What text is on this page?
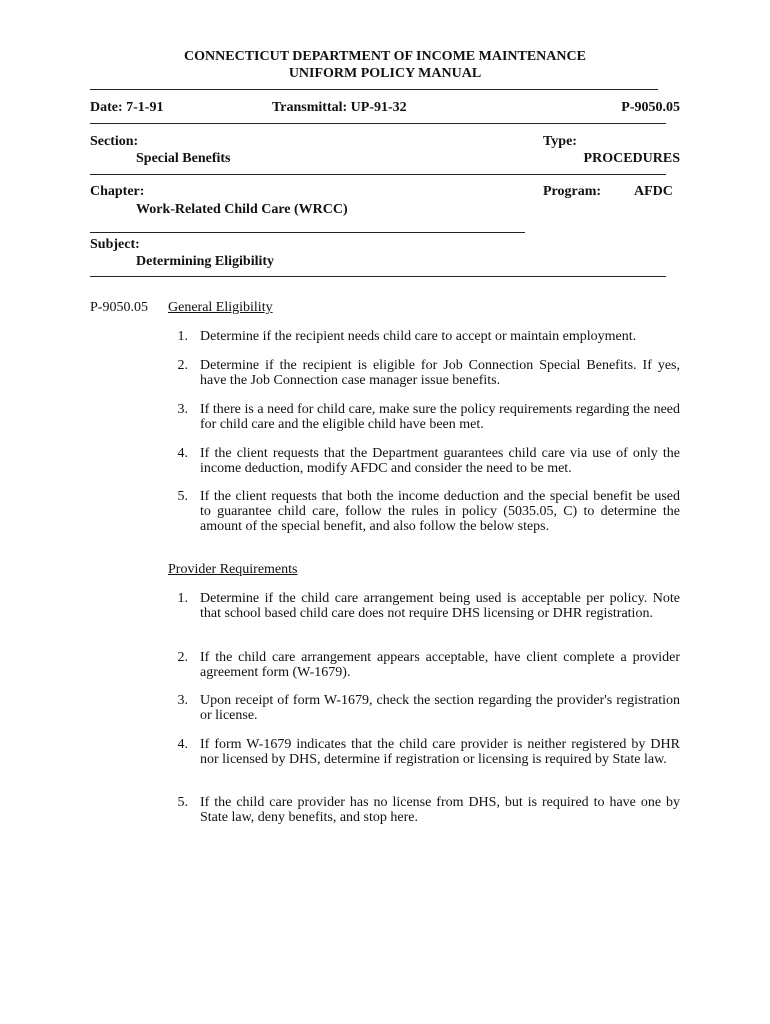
CONNECTICUT DEPARTMENT OF INCOME MAINTENANCE
UNIFORM POLICY MANUAL
Date: 7-1-91	Transmittal: UP-91-32	P-9050.05
Section:
Special Benefits
Type:
PROCEDURES
Chapter:
Work-Related Child Care (WRCC)
Program: AFDC
Subject:
Determining Eligibility
P-9050.05 General Eligibility
1. Determine if the recipient needs child care to accept or maintain employment.
2. Determine if the recipient is eligible for Job Connection Special Benefits. If yes, have the Job Connection case manager issue benefits.
3. If there is a need for child care, make sure the policy requirements regarding the need for child care and the eligible child have been met.
4. If the client requests that the Department guarantees child care via use of only the income deduction, modify AFDC and consider the need to be met.
5. If the client requests that both the income deduction and the special benefit be used to guarantee child care, follow the rules in policy (5035.05, C) to determine the amount of the special benefit, and also follow the below steps.
Provider Requirements
1. Determine if the child care arrangement being used is acceptable per policy. Note that school based child care does not require DHS licensing or DHR registration.
2. If the child care arrangement appears acceptable, have client complete a provider agreement form (W-1679).
3. Upon receipt of form W-1679, check the section regarding the provider's registration or license.
4. If form W-1679 indicates that the child care provider is neither registered by DHR nor licensed by DHS, determine if registration or licensing is required by State law.
5. If the child care provider has no license from DHS, but is required to have one by State law, deny benefits, and stop here.
